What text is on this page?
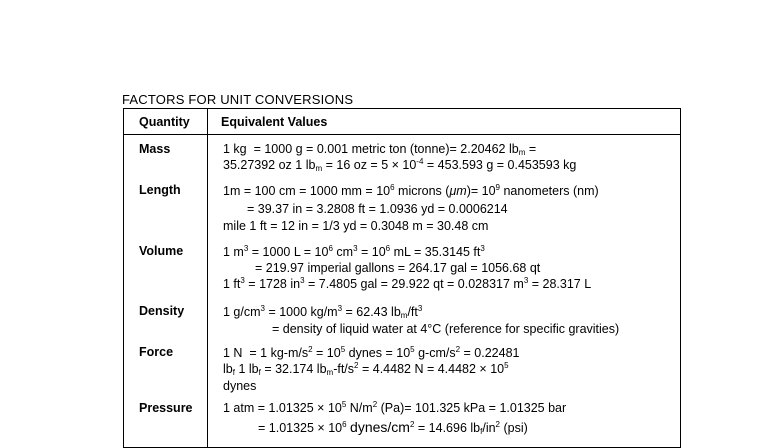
FACTORS FOR UNIT CONVERSIONS
Quantity	Equivalent Values
Mass	1 kg  = 1000 g = 0.001 metric ton (tonne)= 2.20462 $lb_m$ =
35.27392 oz 1 $lb_m = 16$ oz = $5 \times 10^{-4} = 453.593$ g = 0.453593 kg
Length	1m = 100 cm = 1000 mm = $10^6$ microns $(\mu m)= 10^9$ nanometers (nm)
= 39.37 in = 3.2808 ft = 1.0936 yd = 0.0006214
mile 1 ft = 12 in = 1/3 yd = 0.3048 m = 30.48 cm
Volume	1 $m^3 = 1000$ $L = 10^6$ $cm^3 = 10^6$ mL = 35.3145 $ft^3$
= 219.97 imperial gallons = 264.17 gal = 1056.68 qt
1 $ft^3 = 1728$ $in^3 = 7.4805$ gal = 29.922 qt = 0.028317 $m^3 = 28.317$ L
Density	1 $g/cm^3 = 1000$ $kg/m^3 = 62.43$ $lb_m/ft^3$
= density of liquid water at 4°C (reference for specific gravities)
Force	1 N  = 1 $kg-m/s^2 = 10^5$ dynes = $10^5$ $g-cm/s^2 = 0.22481$
$lb_f$ 1 $lb_f = 32.174$ $lb_m-ft/s^2 = 4.4482$ $N = 4.4482 \times 10^5$
dynes
Pressure 1 atm = $1.01325 \times 10^5$ $N/m^2$ (Pa)= 101.325 kPa = 1.01325 bar
= $1.01325 \times 10^6$ dynes/$cm^2 = 14.696$ $lb_f/in^2$ (psi)
